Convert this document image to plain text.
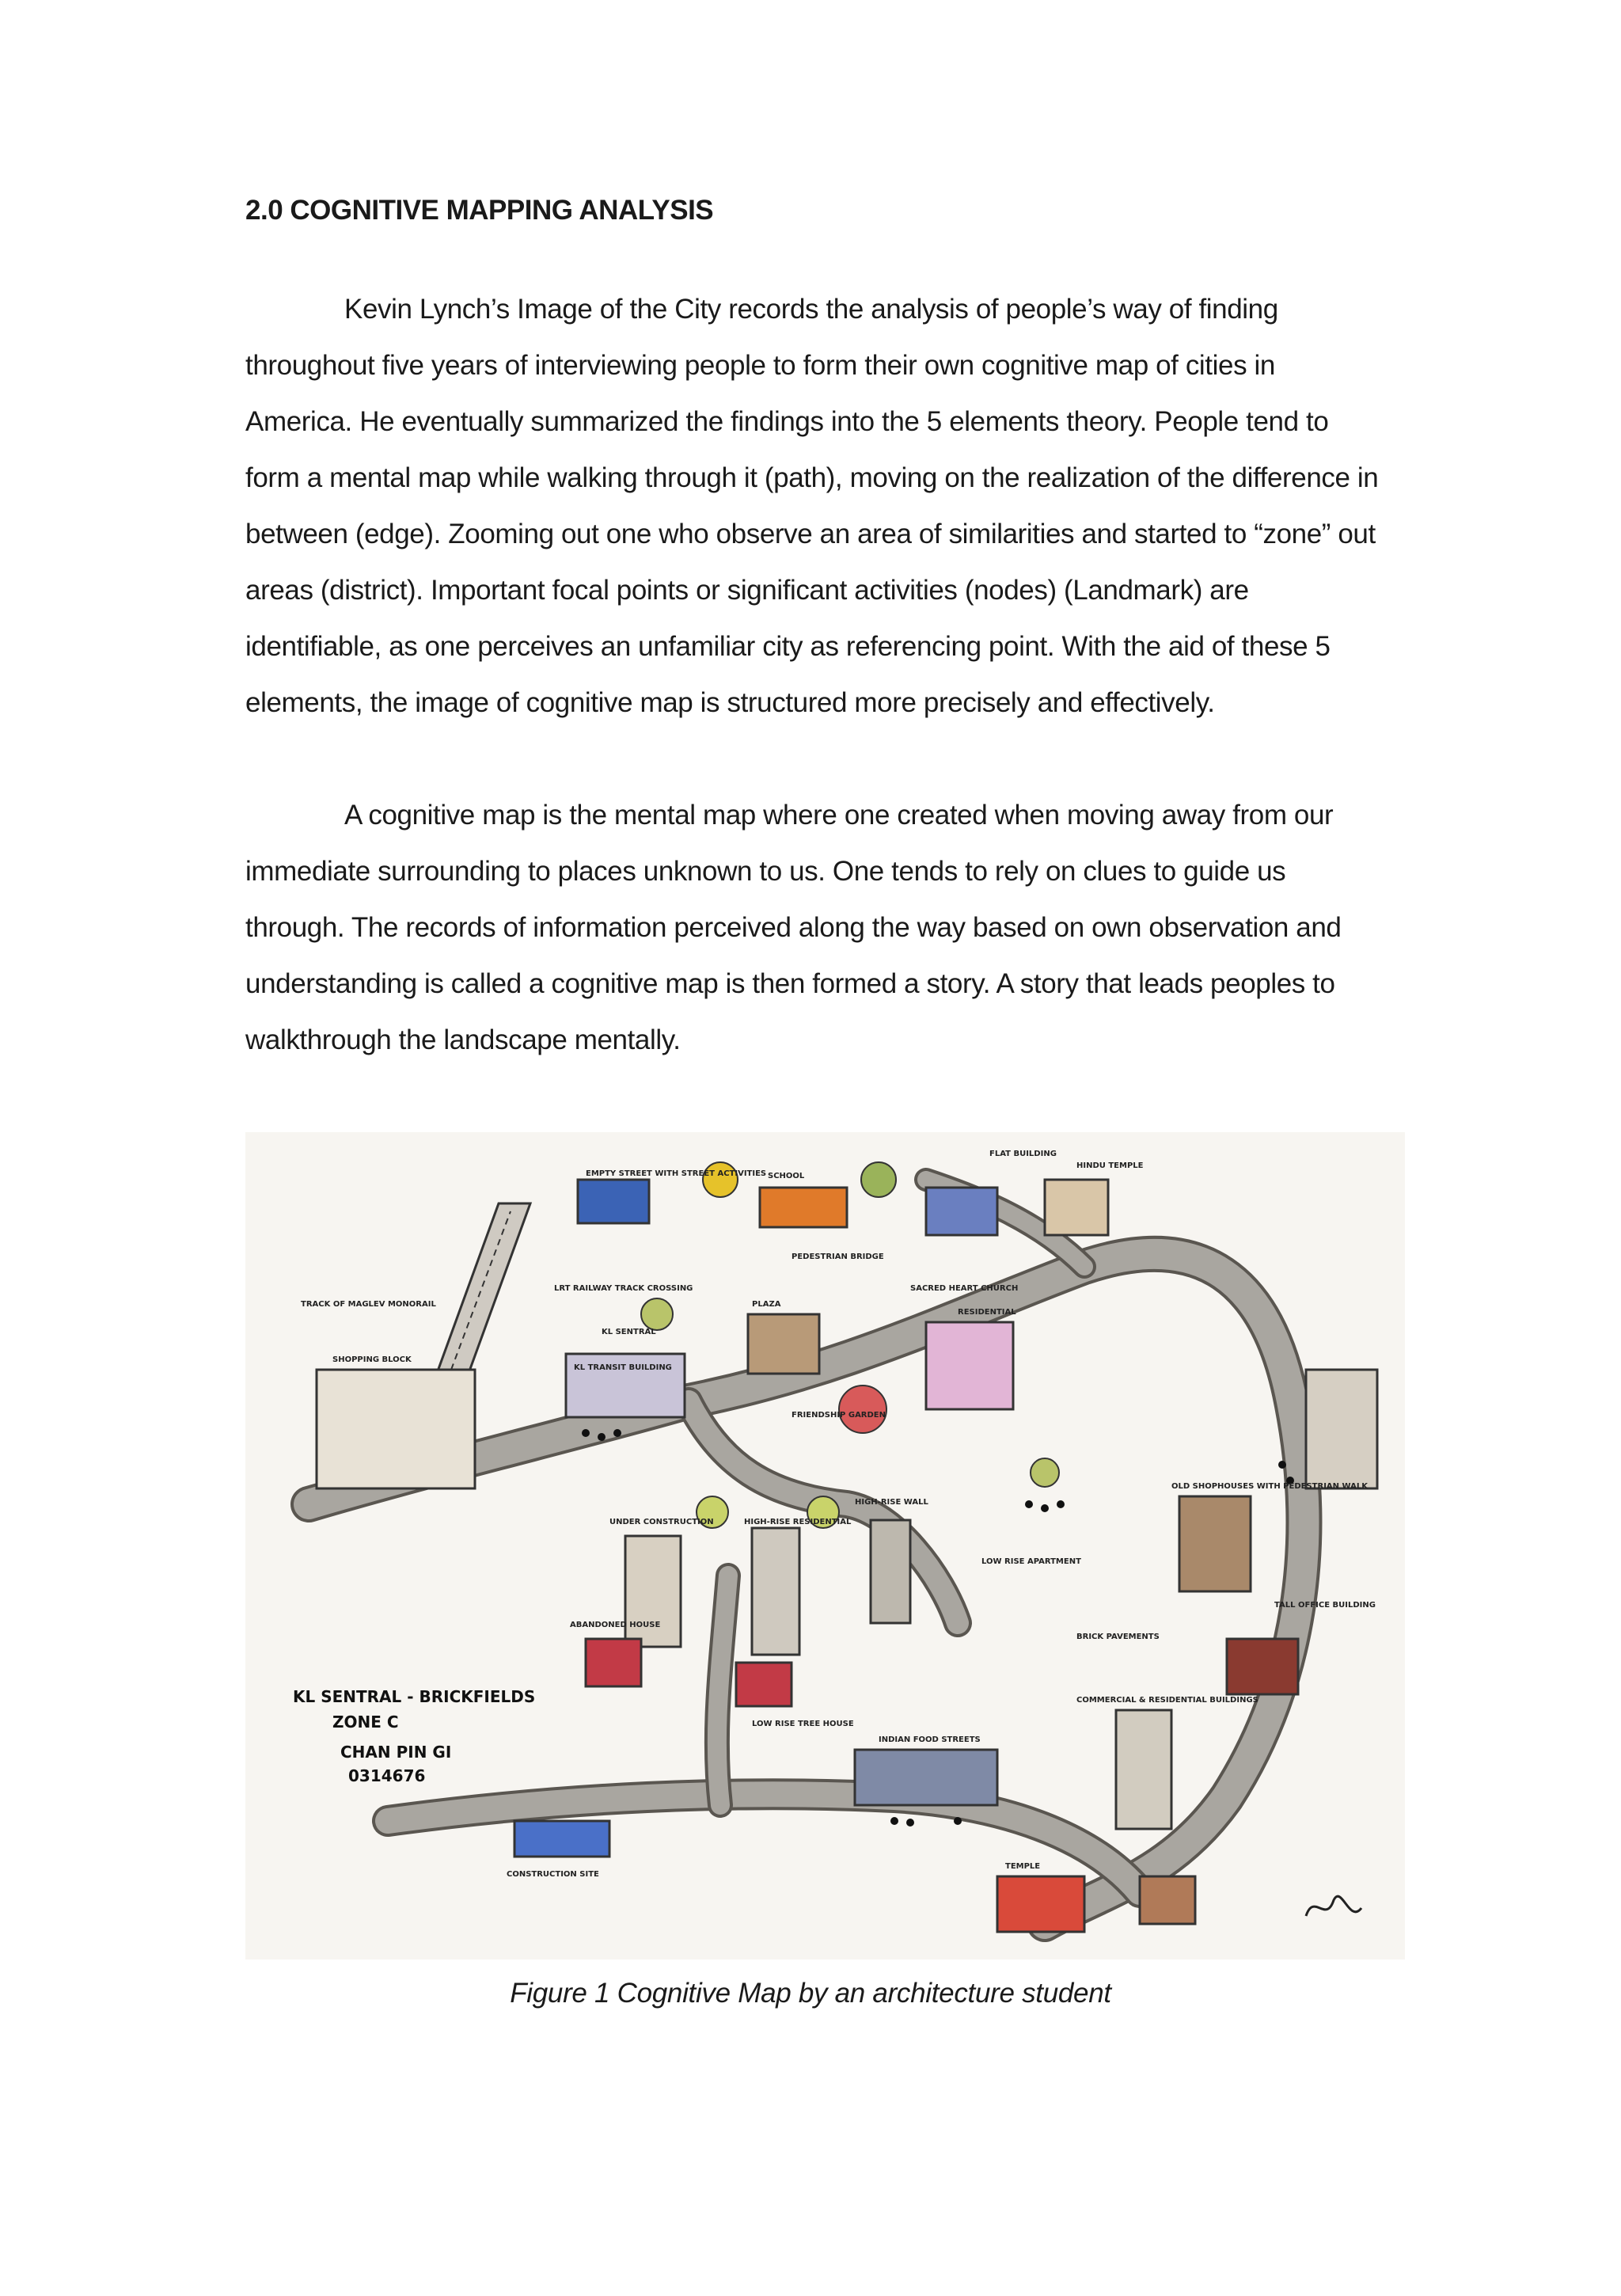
2.0 COGNITIVE MAPPING ANALYSIS

Kevin Lynch’s Image of the City records the analysis of people’s way of finding throughout five years of interviewing people to form their own cognitive map of cities in America. He eventually summarized the findings into the 5 elements theory. People tend to form a mental map while walking through it (path), moving on the realization of the difference in between (edge). Zooming out one who observe an area of similarities and started to “zone” out areas (district). Important focal points or significant activities (nodes) (Landmark) are identifiable, as one perceives an unfamiliar city as referencing point. With the aid of these 5 elements, the image of cognitive map is structured more precisely and effectively.

A cognitive map is the mental map where one created when moving away from our immediate surrounding to places unknown to us. One tends to rely on clues to guide us through. The records of information perceived along the way based on own observation and understanding is called a cognitive map is then formed a story. A story that leads peoples to walkthrough the landscape mentally.

EMPTY STREET WITH STREET ACTIVITIES SCHOOL
FLAT BUILDING
HINDU TEMPLE
TRACK OF MAGLEV MONORAIL
LRT RAILWAY TRACK CROSSING
KL SENTRAL
KL TRANSIT BUILDING
SHOPPING BLOCK
PEDESTRIAN BRIDGE
SACRED HEART CHURCH
PLAZA
RESIDENTIAL
FRIENDSHIP GARDEN
HIGH-RISE RESIDENTIAL
HIGH-RISE WALL
UNDER CONSTRUCTION
LOW RISE APARTMENT
OLD SHOPHOUSES WITH PEDESTRIAN WALK
TALL OFFICE BUILDING
ABANDONED HOUSE
LOW RISE TREE HOUSE
INDIAN FOOD STREETS
BRICK PAVEMENTS
COMMERCIAL & RESIDENTIAL BUILDINGS
TEMPLE
CONSTRUCTION SITE
KL SENTRAL - BRICKFIELDS
ZONE C
CHAN PIN GI
0314676

Figure 1 Cognitive Map by an architecture student
